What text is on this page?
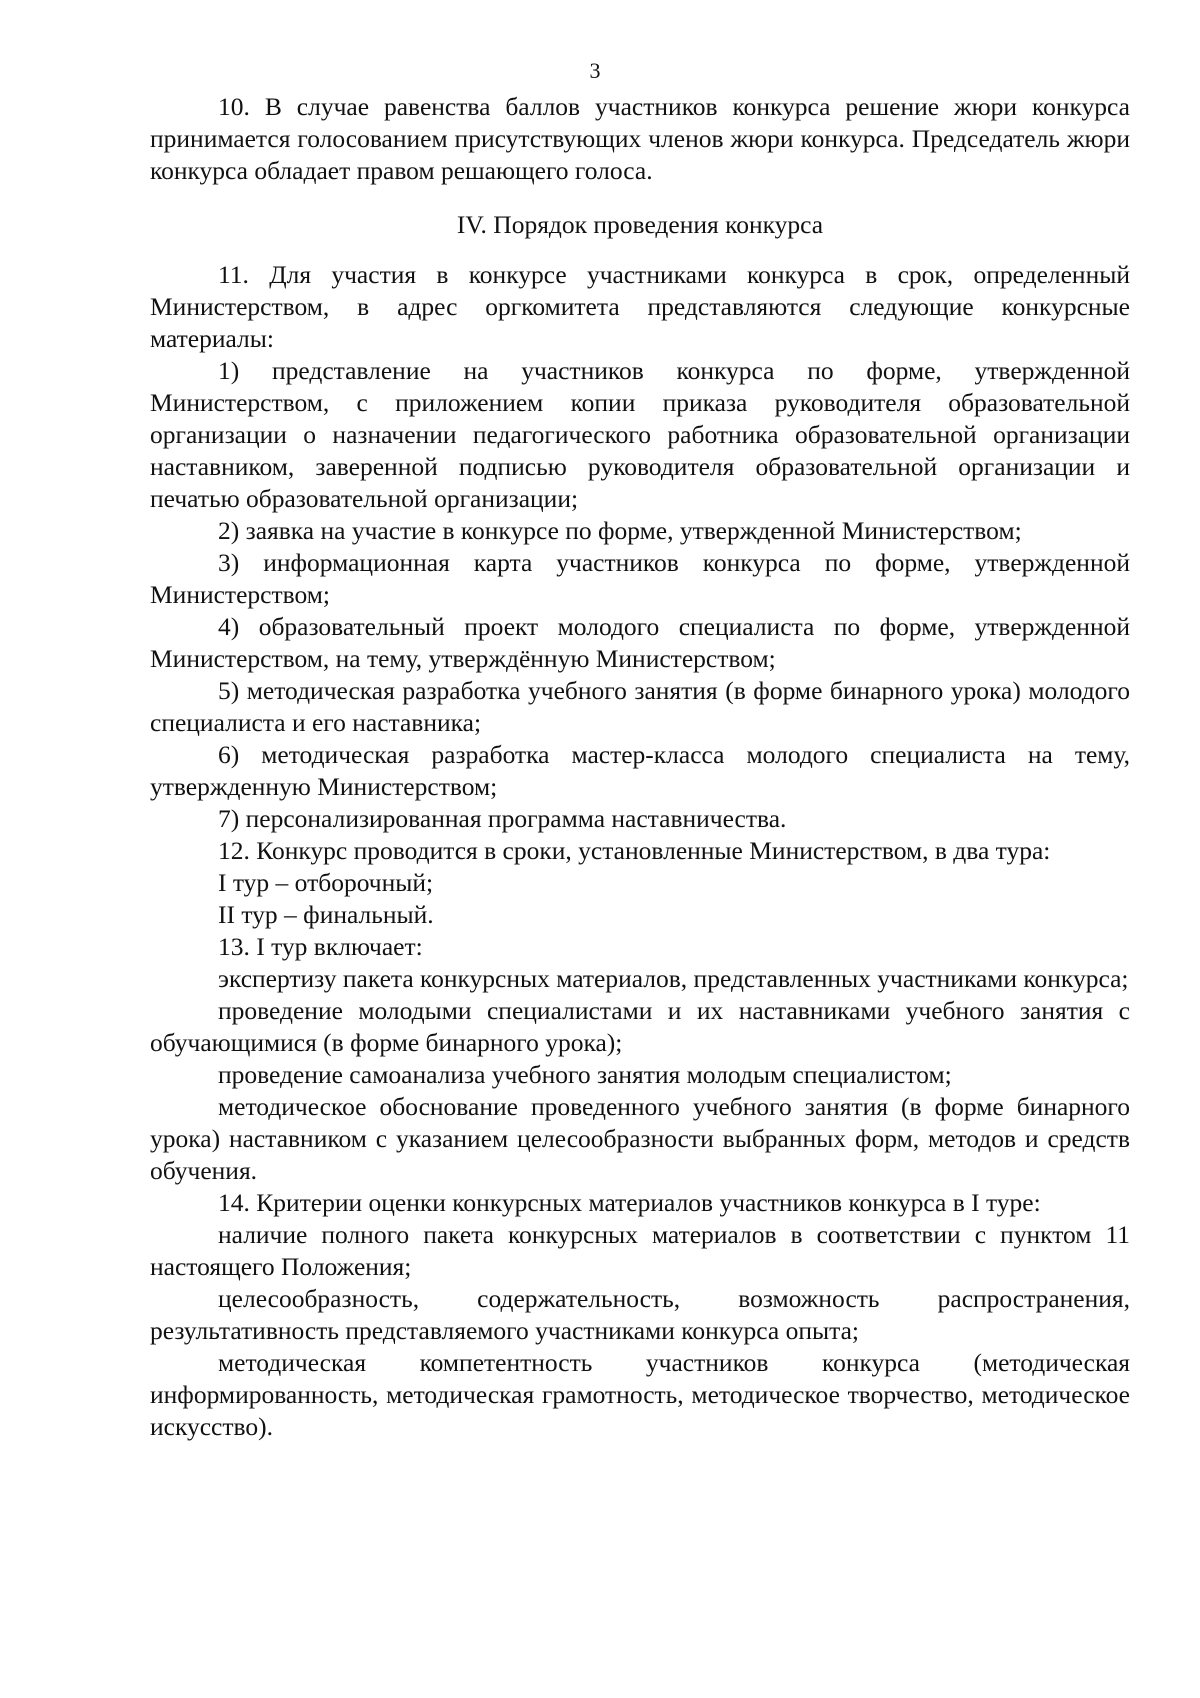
3

10. В случае равенства баллов участников конкурса решение жюри конкурса принимается голосованием присутствующих членов жюри конкурса. Председатель жюри конкурса обладает правом решающего голоса.

IV. Порядок проведения конкурса

11. Для участия в конкурсе участниками конкурса в срок, определенный Министерством, в адрес оргкомитета представляются следующие конкурсные материалы:

1) представление на участников конкурса по форме, утвержденной Министерством, с приложением копии приказа руководителя образовательной организации о назначении педагогического работника образовательной организации наставником, заверенной подписью руководителя образовательной организации и печатью образовательной организации;

2) заявка на участие в конкурсе по форме, утвержденной Министерством;

3) информационная карта участников конкурса по форме, утвержденной Министерством;

4) образовательный проект молодого специалиста по форме, утвержденной Министерством, на тему, утверждённую Министерством;

5) методическая разработка учебного занятия (в форме бинарного урока) молодого специалиста и его наставника;

6) методическая разработка мастер-класса молодого специалиста на тему, утвержденную Министерством;

7) персонализированная программа наставничества.

12. Конкурс проводится в сроки, установленные Министерством, в два тура:

I тур – отборочный;

II тур – финальный.

13. I тур включает:

экспертизу пакета конкурсных материалов, представленных участниками конкурса;

проведение молодыми специалистами и их наставниками учебного занятия с обучающимися (в форме бинарного урока);

проведение самоанализа учебного занятия молодым специалистом;

методическое обоснование проведенного учебного занятия (в форме бинарного урока) наставником с указанием целесообразности выбранных форм, методов и средств обучения.

14. Критерии оценки конкурсных материалов участников конкурса в I туре:

наличие полного пакета конкурсных материалов в соответствии с пунктом 11 настоящего Положения;

целесообразность, содержательность, возможность распространения, результативность представляемого участниками конкурса опыта;

методическая компетентность участников конкурса (методическая информированность, методическая грамотность, методическое творчество, методическое искусство).
